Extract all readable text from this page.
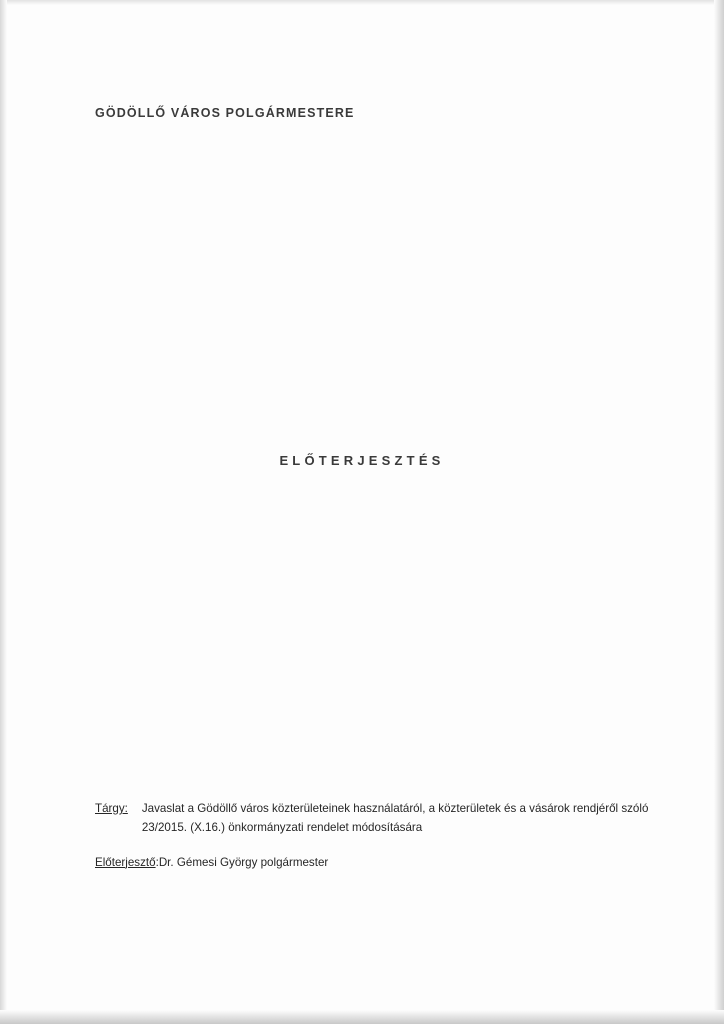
GÖDÖLLŐ VÁROS POLGÁRMESTERE
ELŐTERJESZTÉS
Tárgy: Javaslat a Gödöllő város közterületeinek használatáról, a közterületek és a vásárok rendjéről szóló 23/2015. (X.16.) önkormányzati rendelet módosítására
Előterjesztő : Dr. Gémesi György polgármester
